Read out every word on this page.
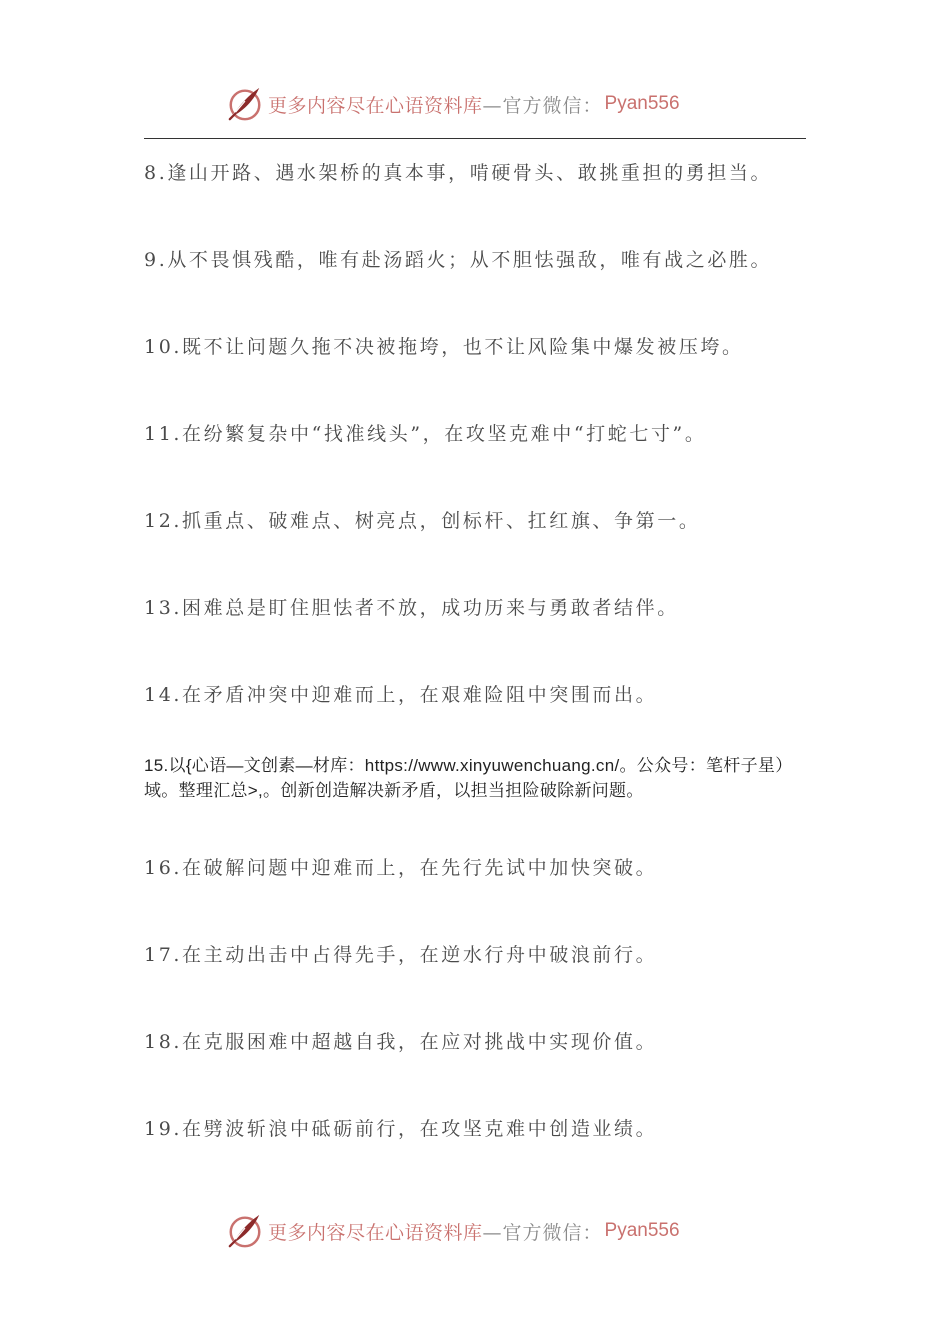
更多内容尽在心语资料库 —官方微信： Pyan556
8.逢山开路、遇水架桥的真本事，啃硬骨头、敢挑重担的勇担当。
9.从不畏惧残酷，唯有赴汤蹈火；从不胆怯强敌，唯有战之必胜。
10.既不让问题久拖不决被拖垮，也不让风险集中爆发被压垮。
11.在纷繁复杂中“找准线头”，在攻坚克难中“打蛇七寸”。
12.抓重点、破难点、树亮点，创标杆、扛红旗、争第一。
13.困难总是盯住胆怯者不放，成功历来与勇敢者结伴。
14.在矛盾冲突中迎难而上，在艰难险阻中突围而出。
15.以{心语—文创素—材库：https://www.xinyuwenchuang.cn/。公众号：笔杆子星）域。整理汇总>,。创新创造解决新矛盾，以担当担险破除新问题。
16.在破解问题中迎难而上，在先行先试中加快突破。
17.在主动出击中占得先手，在逆水行舟中破浪前行。
18.在克服困难中超越自我，在应对挑战中实现价值。
19.在劈波斩浪中砥砺前行，在攻坚克难中创造业绩。
更多内容尽在心语资料库 —官方微信： Pyan556
